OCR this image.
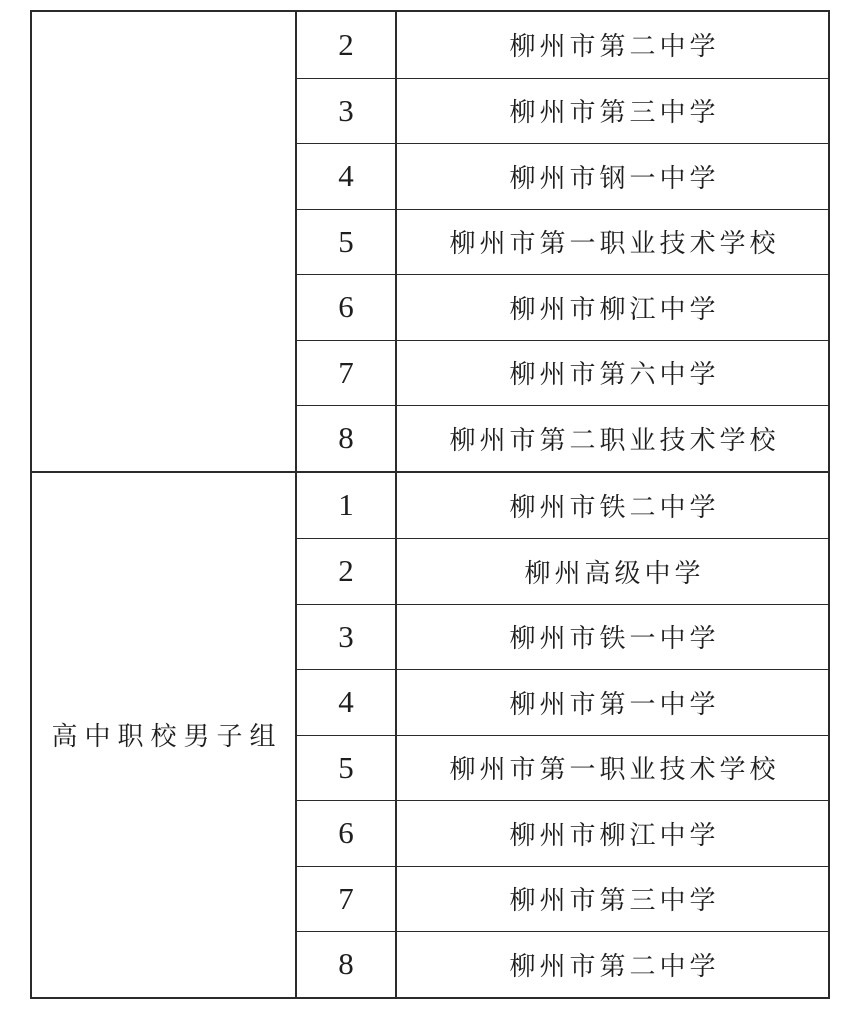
2	柳州市第二中学
3	柳州市第三中学
4	柳州市钢一中学
5	柳州市第一职业技术学校
6	柳州市柳江中学
7	柳州市第六中学
8	柳州市第二职业技术学校
高中职校男子组
1	柳州市铁二中学
2	柳州高级中学
3	柳州市铁一中学
4	柳州市第一中学
5	柳州市第一职业技术学校
6	柳州市柳江中学
7	柳州市第三中学
8	柳州市第二中学
